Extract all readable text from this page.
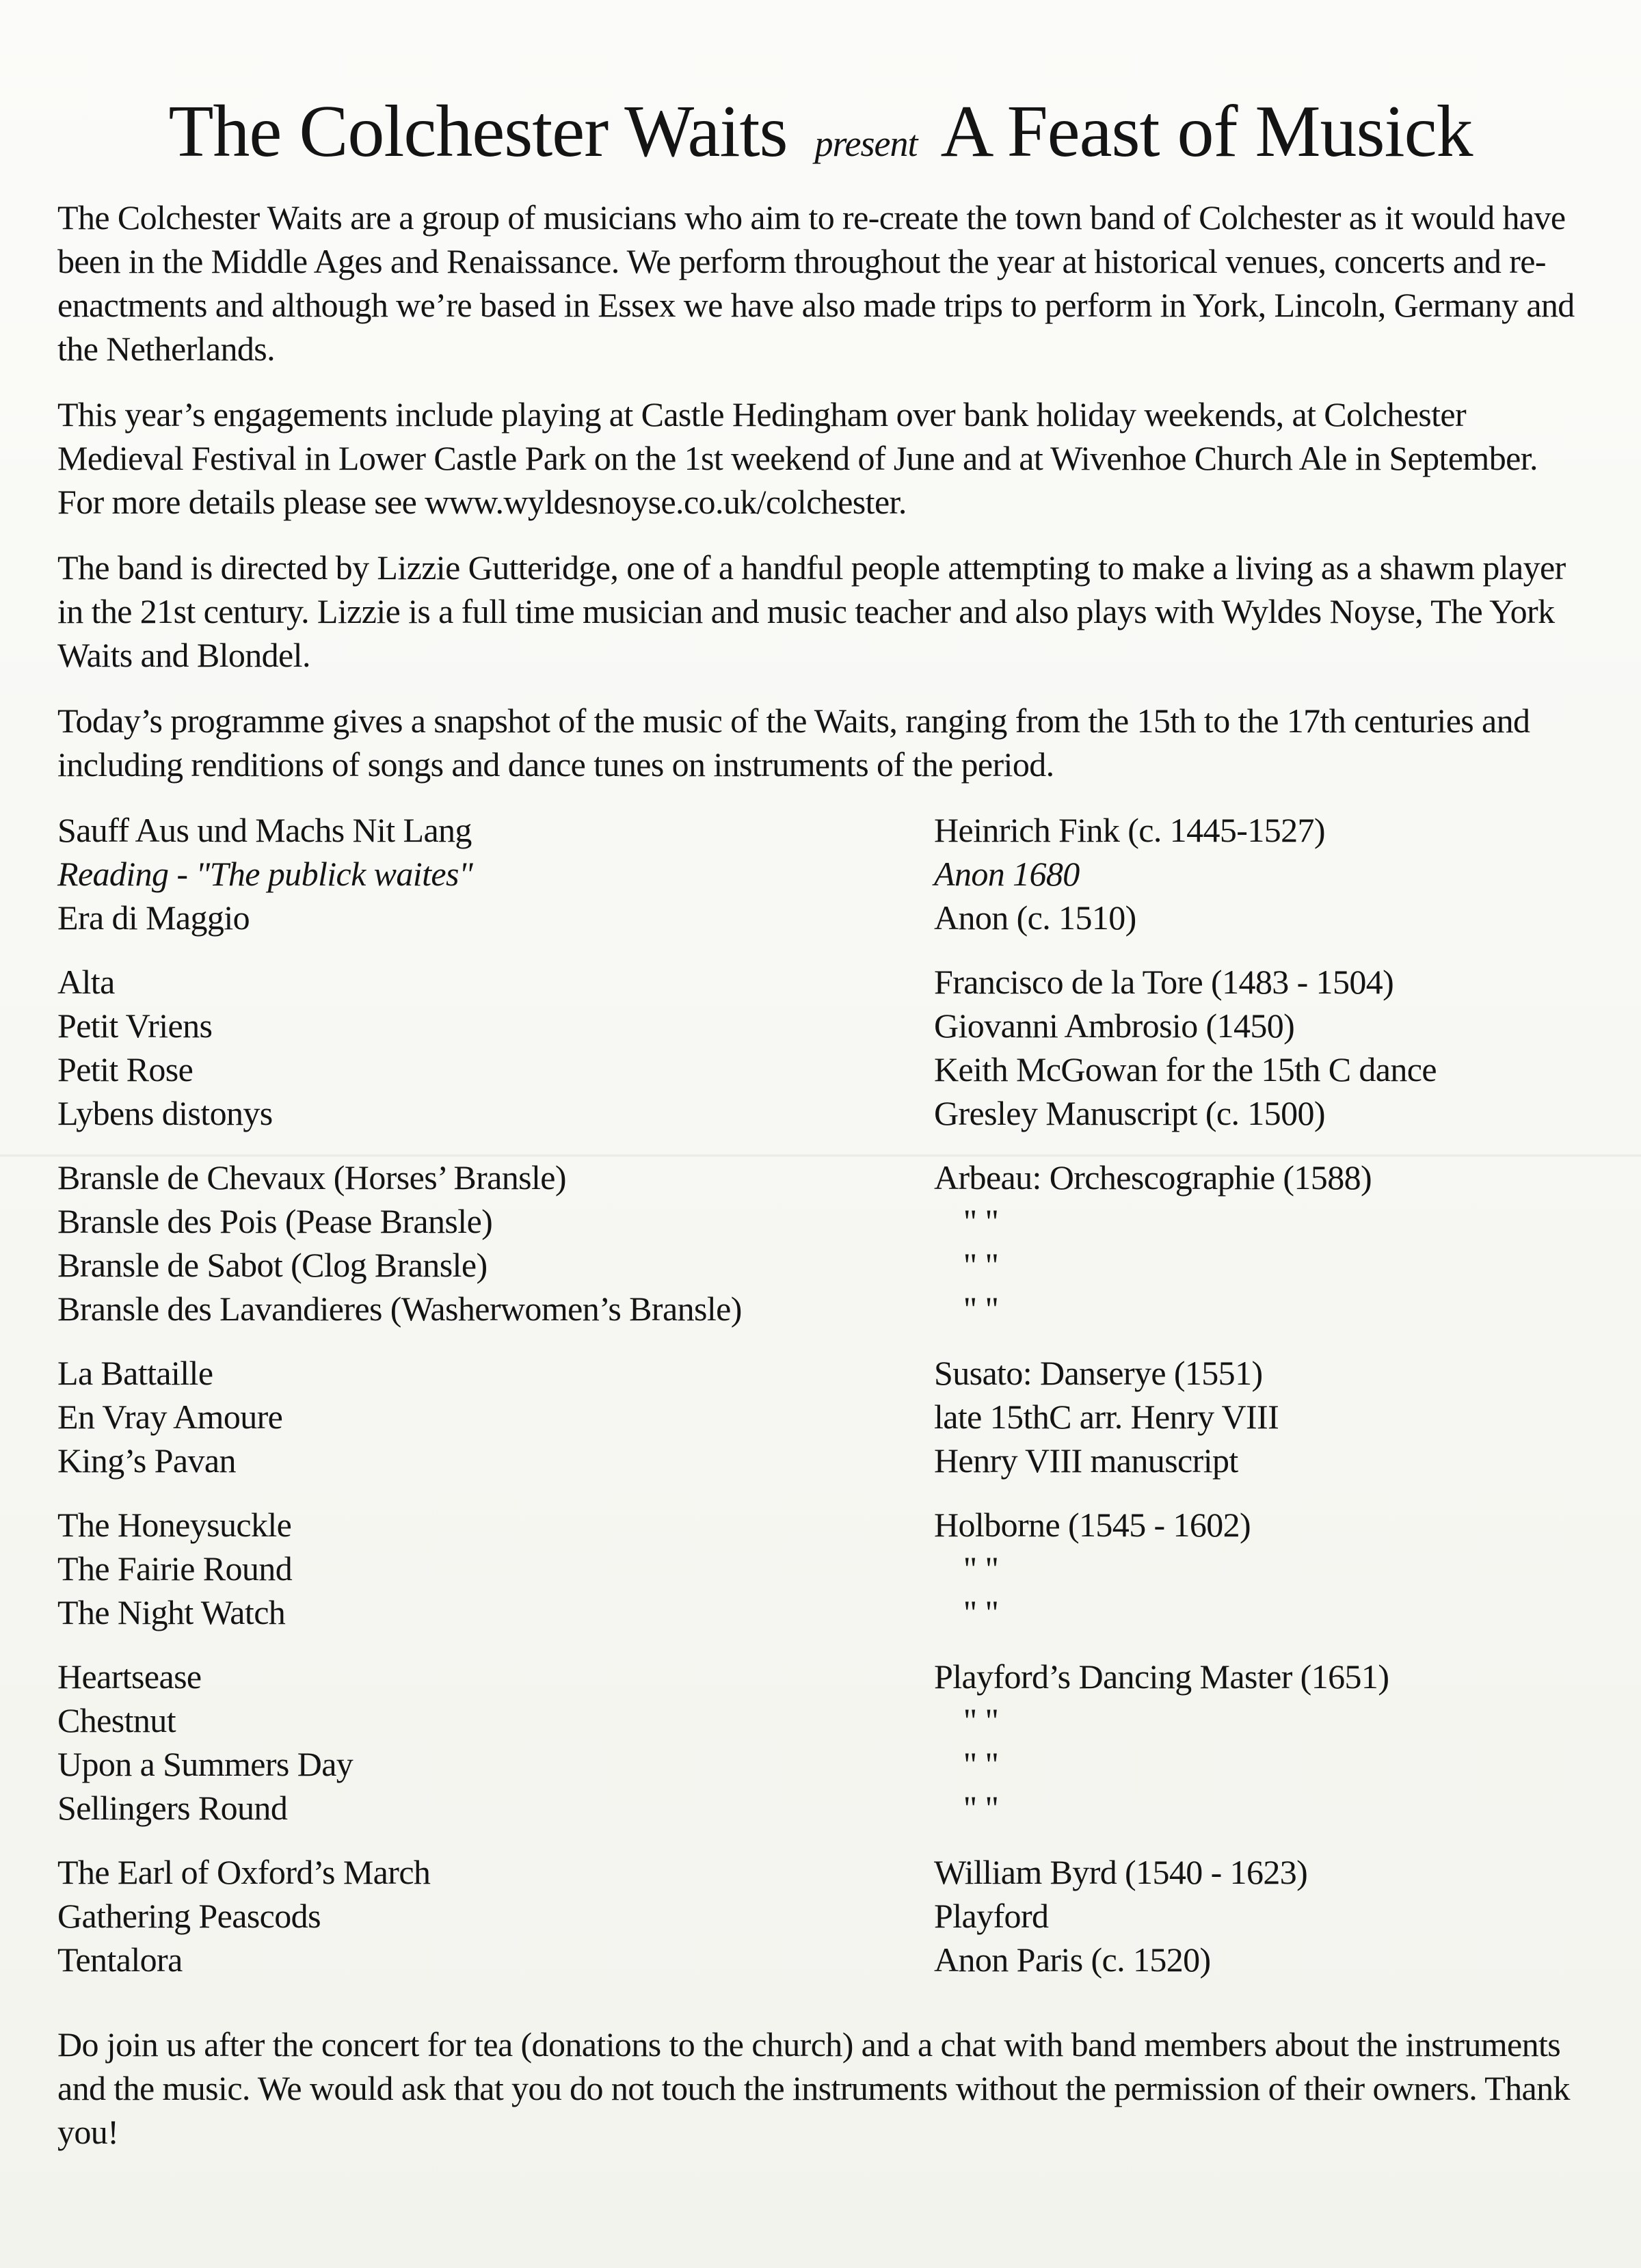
The Colchester Waits present A Feast of Musick

The Colchester Waits are a group of musicians who aim to re-create the town band of Colchester as it would have been in the Middle Ages and Renaissance. We perform throughout the year at historical venues, concerts and re-enactments and although we’re based in Essex we have also made trips to perform in York, Lincoln, Germany and the Netherlands.

This year’s engagements include playing at Castle Hedingham over bank holiday weekends, at Colchester Medieval Festival in Lower Castle Park on the 1st weekend of June and at Wivenhoe Church Ale in September. For more details please see www.wyldesnoyse.co.uk/colchester.

The band is directed by Lizzie Gutteridge, one of a handful people attempting to make a living as a shawm player in the 21st century. Lizzie is a full time musician and music teacher and also plays with Wyldes Noyse, The York Waits and Blondel.

Today’s programme gives a snapshot of the music of the Waits, ranging from the 15th to the 17th centuries and including renditions of songs and dance tunes on instruments of the period.

Sauff Aus und Machs Nit Lang	Heinrich Fink (c. 1445-1527)
Reading - "The publick waites"	Anon 1680
Era di Maggio	Anon (c. 1510)
Alta	Francisco de la Tore (1483 - 1504)
Petit Vriens	Giovanni Ambrosio (1450)
Petit Rose	Keith McGowan for the 15th C dance
Lybens distonys	Gresley Manuscript (c. 1500)
Bransle de Chevaux (Horses’ Bransle)	Arbeau: Orchescographie (1588)
Bransle des Pois (Pease Bransle)	" "
Bransle de Sabot (Clog Bransle)	" "
Bransle des Lavandieres (Washerwomen’s Bransle)	" "
La Battaille	Susato: Danserye (1551)
En Vray Amoure	late 15thC arr. Henry VIII
King’s Pavan	Henry VIII manuscript
The Honeysuckle	Holborne (1545 - 1602)
The Fairie Round	" "
The Night Watch	" "
Heartsease	Playford’s Dancing Master (1651)
Chestnut	" "
Upon a Summers Day	" "
Sellingers Round	" "
The Earl of Oxford’s March	William Byrd (1540 - 1623)
Gathering Peascods	Playford
Tentalora	Anon Paris (c. 1520)

Do join us after the concert for tea (donations to the church) and a chat with band members about the instruments and the music. We would ask that you do not touch the instruments without the permission of their owners. Thank you!
